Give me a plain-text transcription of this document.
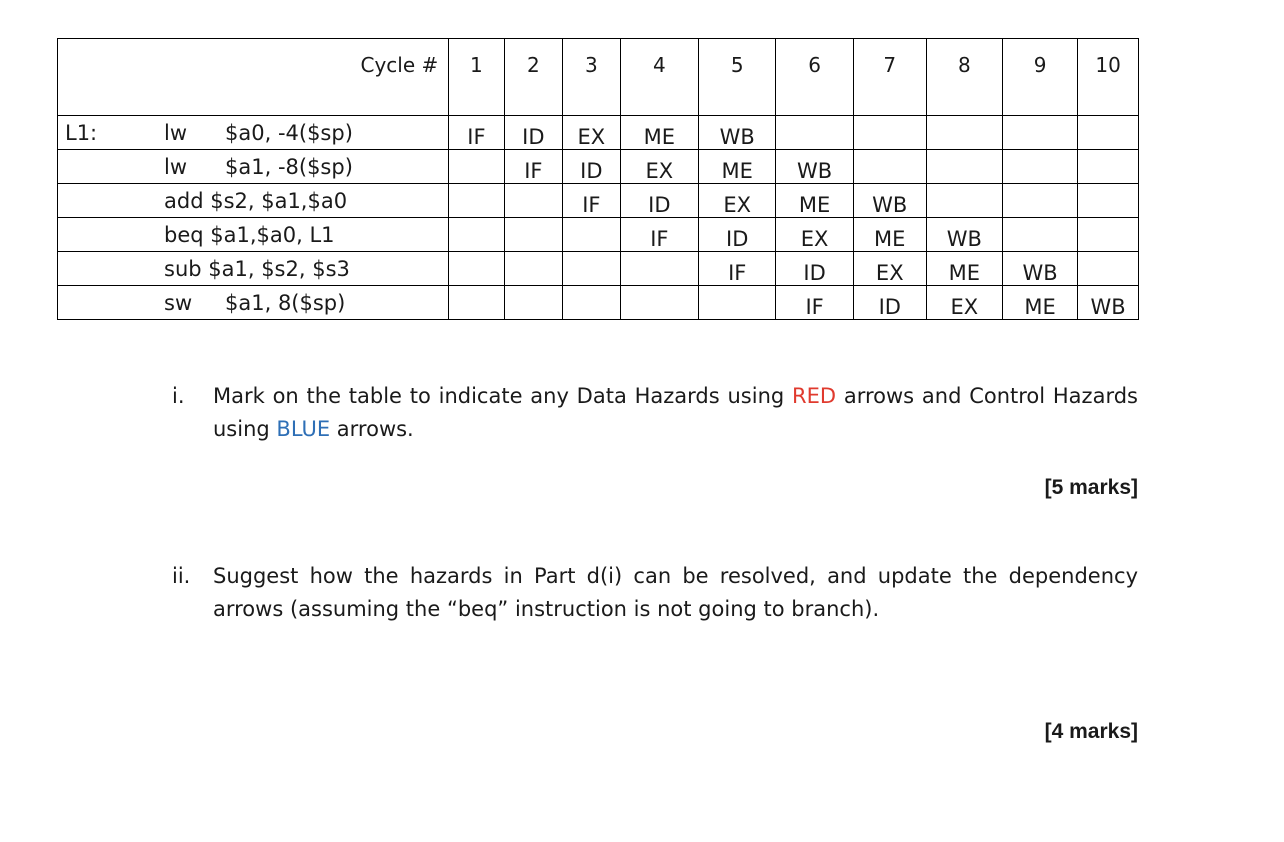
Cycle #	1	2	3	4	5	6	7	8	9	10

L1: lw $a0, -4($sp)	IF	ID	EX	ME	WB					

lw $a1, -8($sp)		IF	ID	EX	ME	WB				

add $s2, $a1,$a0			IF	ID	EX	ME	WB			

beq $a1,$a0, L1				IF	ID	EX	ME	WB		

sub $a1, $s2, $s3					IF	ID	EX	ME	WB	

sw $a1, 8($sp)						IF	ID	EX	ME	WB
i. Mark on the table to indicate any Data Hazards using RED arrows and Control Hazards using BLUE arrows.
[5 marks]
ii. Suggest how the hazards in Part d(i) can be resolved, and update the dependency arrows (assuming the “beq” instruction is not going to branch).
[4 marks]
